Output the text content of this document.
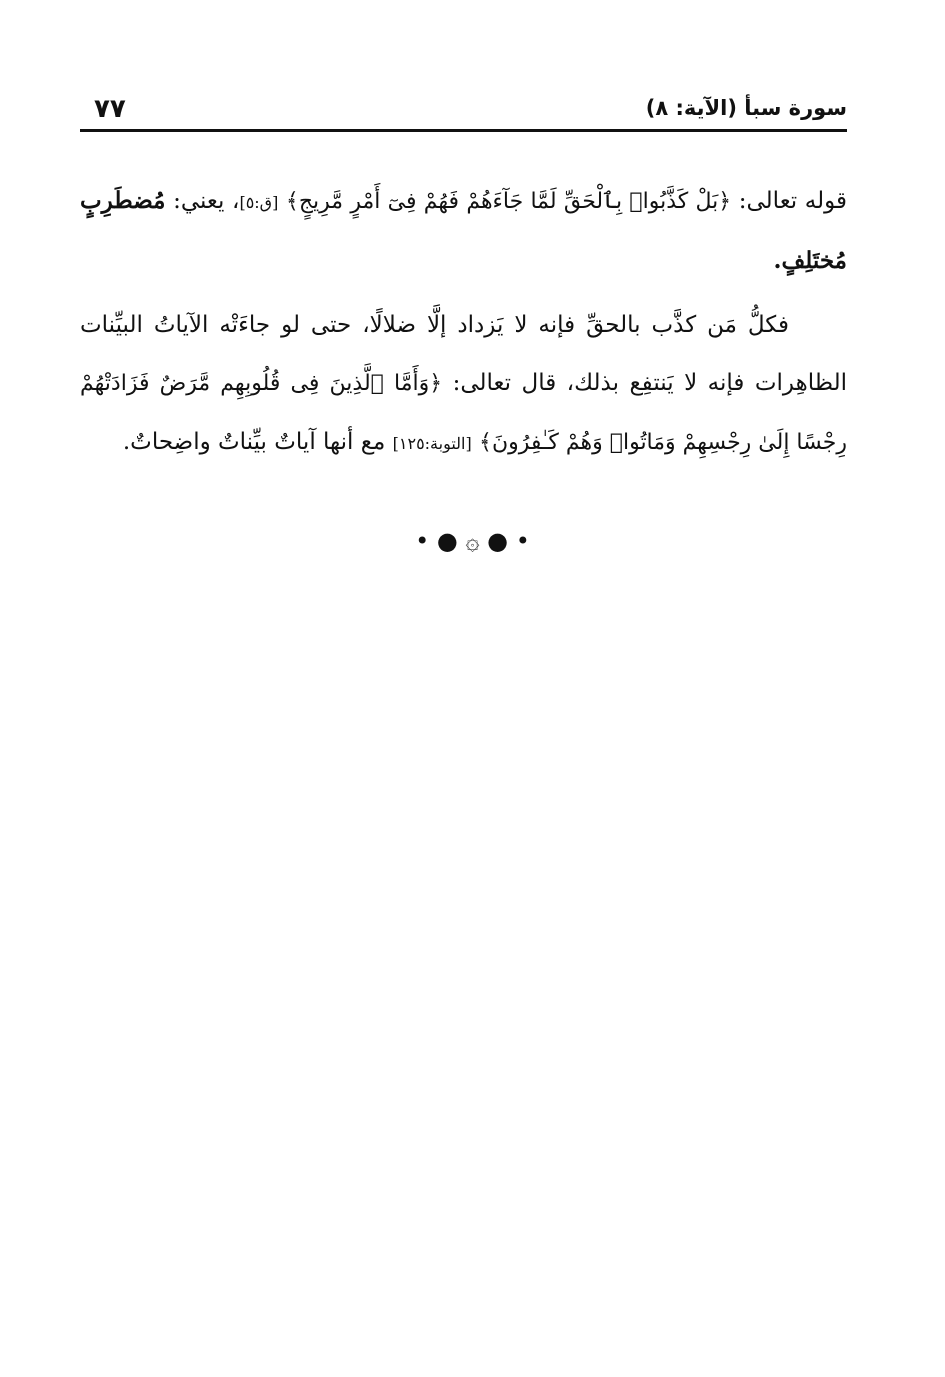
٧٧	سورة سبأ (الآية: ٨)

قوله تعالى: ﴿بَلْ كَذَّبُوا۟ بِٱلْحَقِّ لَمَّا جَآءَهُمْ فَهُمْ فِىٓ أَمْرٍ مَّرِيجٍ﴾ [ق:٥]، يعني: مُضطَرِبٍ مُختَلِفٍ.

فكلُّ مَن كذَّب بالحقِّ فإنه لا يَزداد إلَّا ضلالًا، حتى لو جاءَتْه الآياتُ البيِّنات الظاهِرات فإنه لا يَنتفِع بذلك، قال تعالى: ﴿وَأَمَّا ٱلَّذِينَ فِى قُلُوبِهِم مَّرَضٌ فَزَادَتْهُمْ رِجْسًا إِلَىٰ رِجْسِهِمْ وَمَاتُوا۟ وَهُمْ كَـٰفِرُونَ﴾ [التوبة:١٢٥] مع أنها آياتٌ بيِّناتٌ واضِحاتٌ.

• ● ۞ ● •
